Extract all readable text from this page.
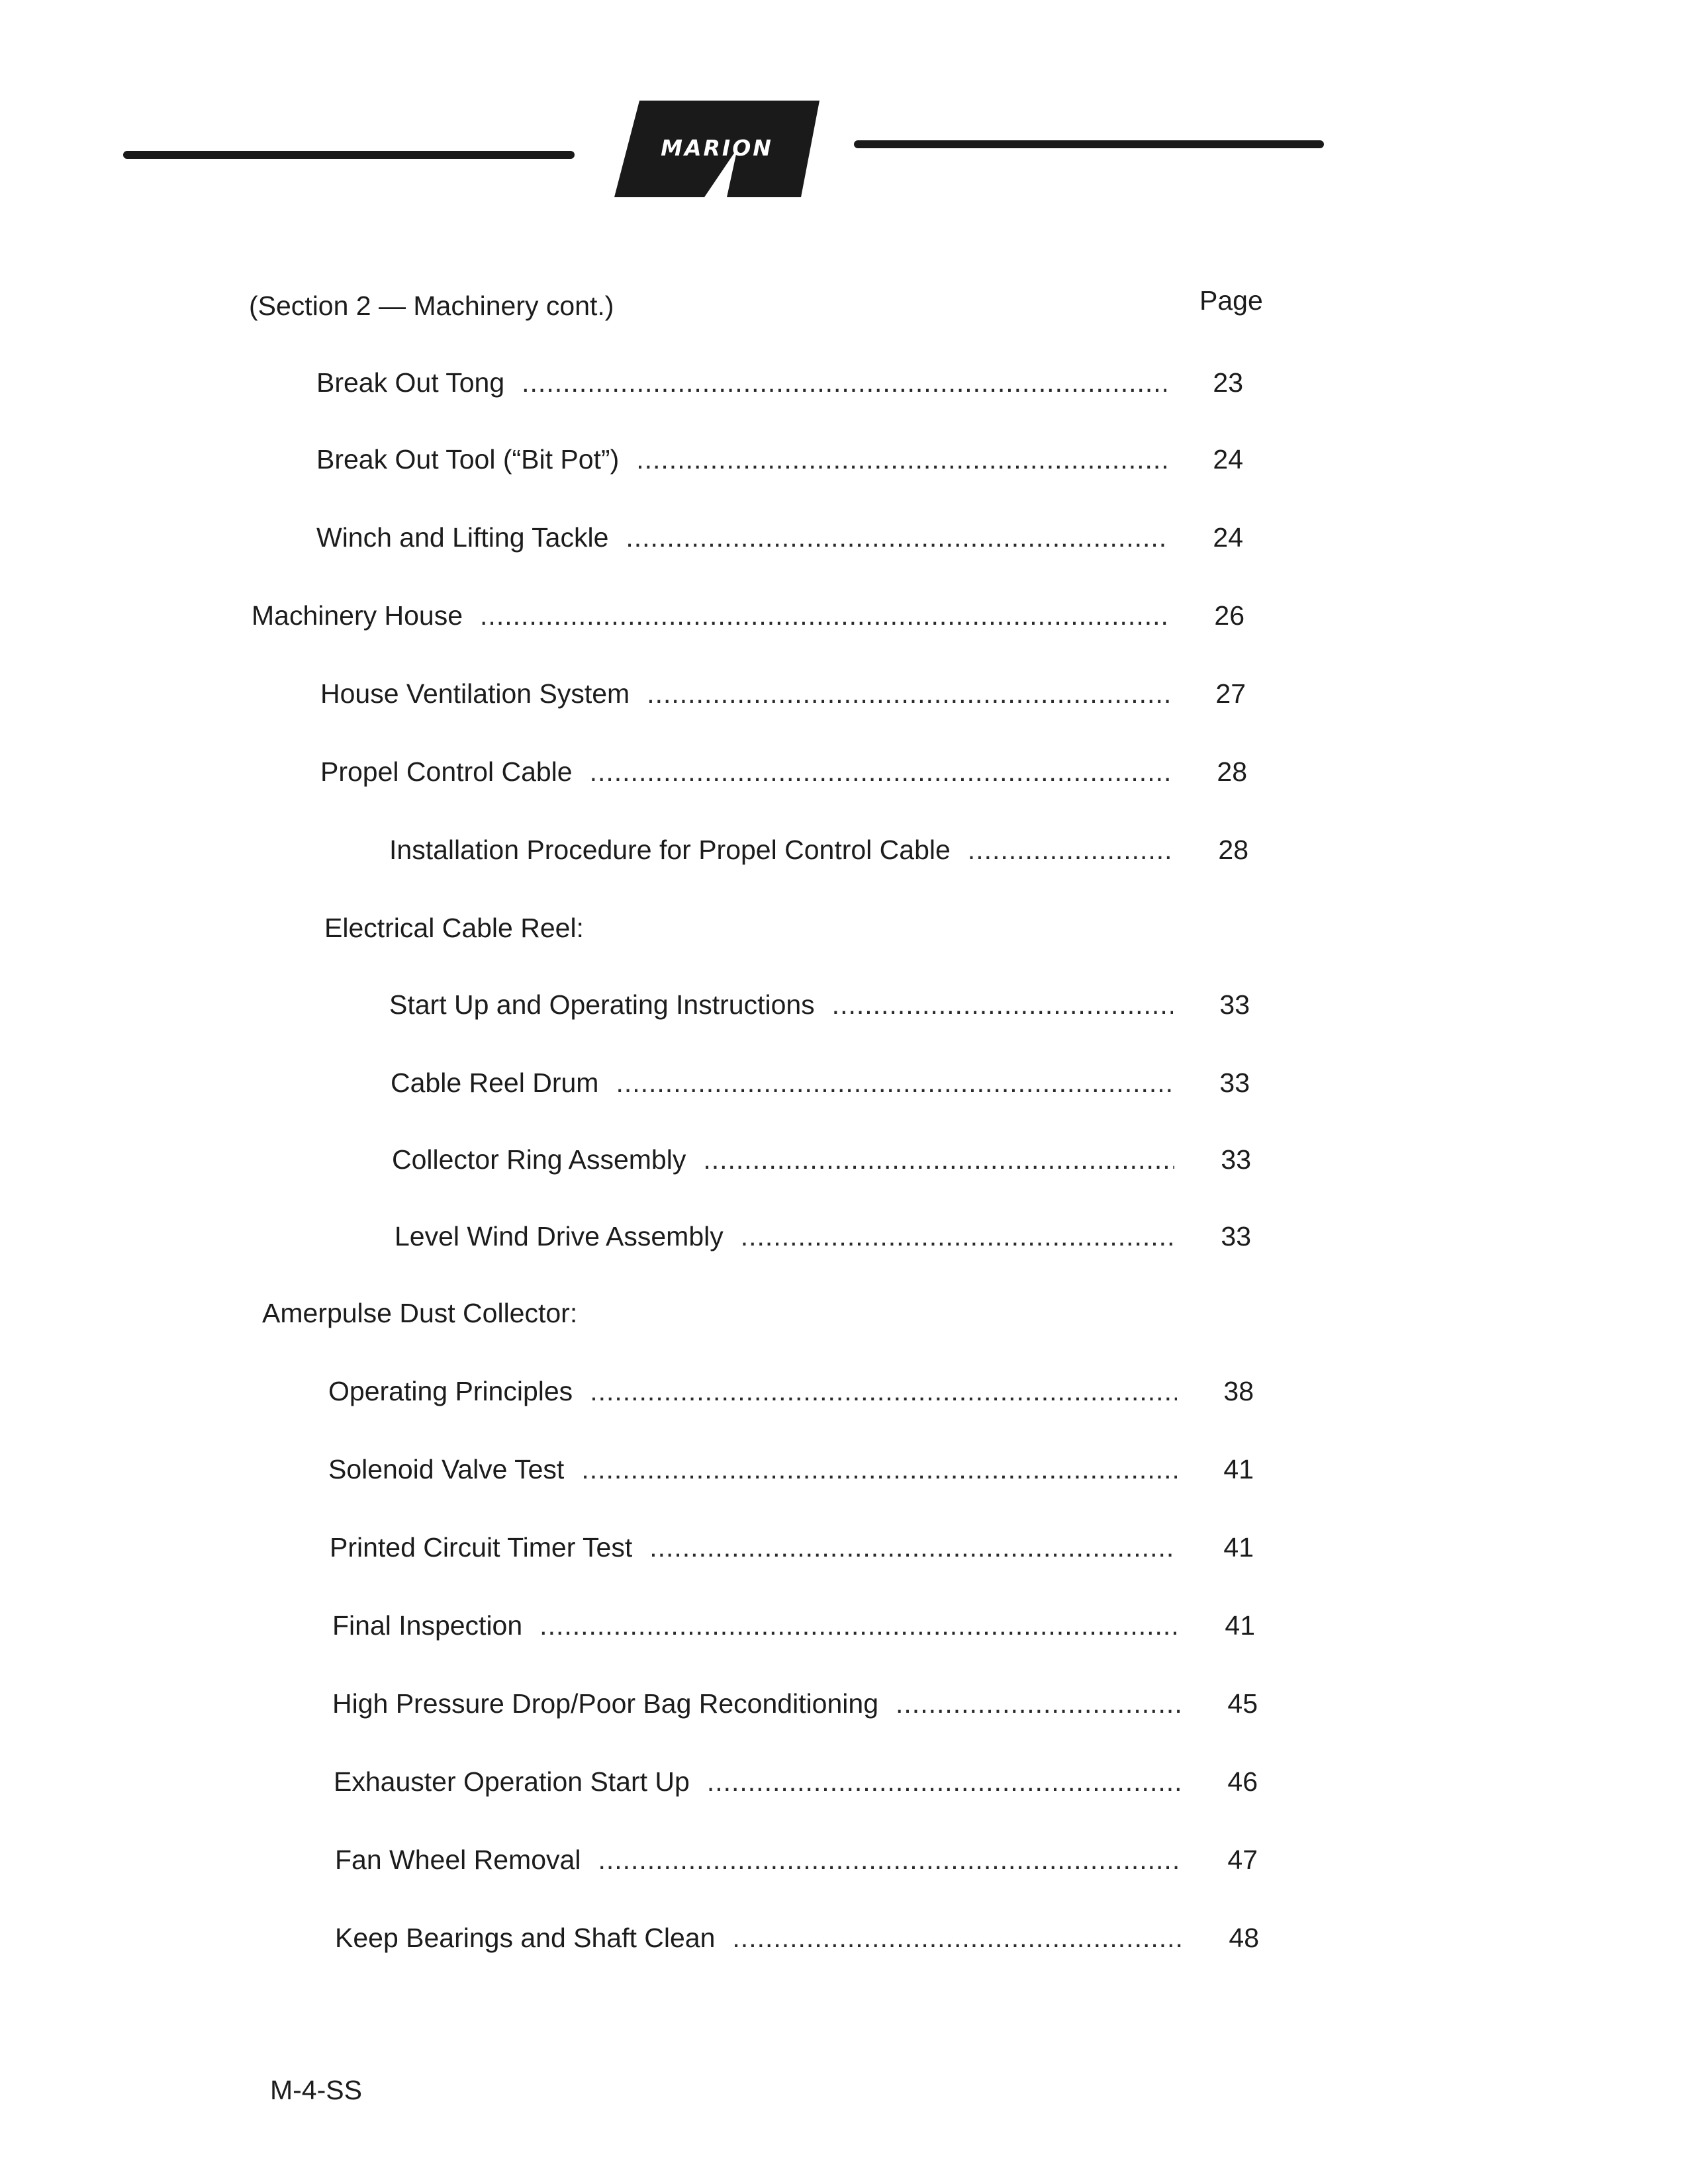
MARION
(Section 2 — Machinery cont.)	Page
Break Out Tong .....	23
Break Out Tool (“Bit Pot”) .....	24
Winch and Lifting Tackle .....	24
Machinery House .....	26
House Ventilation System .....	27
Propel Control Cable .....	28
Installation Procedure for Propel Control Cable .....	28
Electrical Cable Reel:
Start Up and Operating Instructions .....	33
Cable Reel Drum .....	33
Collector Ring Assembly .....	33
Level Wind Drive Assembly .....	33
Amerpulse Dust Collector:
Operating Principles .....	38
Solenoid Valve Test .....	41
Printed Circuit Timer Test .....	41
Final Inspection .....	41
High Pressure Drop/Poor Bag Reconditioning .....	45
Exhauster Operation Start Up .....	46
Fan Wheel Removal .....	47
Keep Bearings and Shaft Clean .....	48
M-4-SS
